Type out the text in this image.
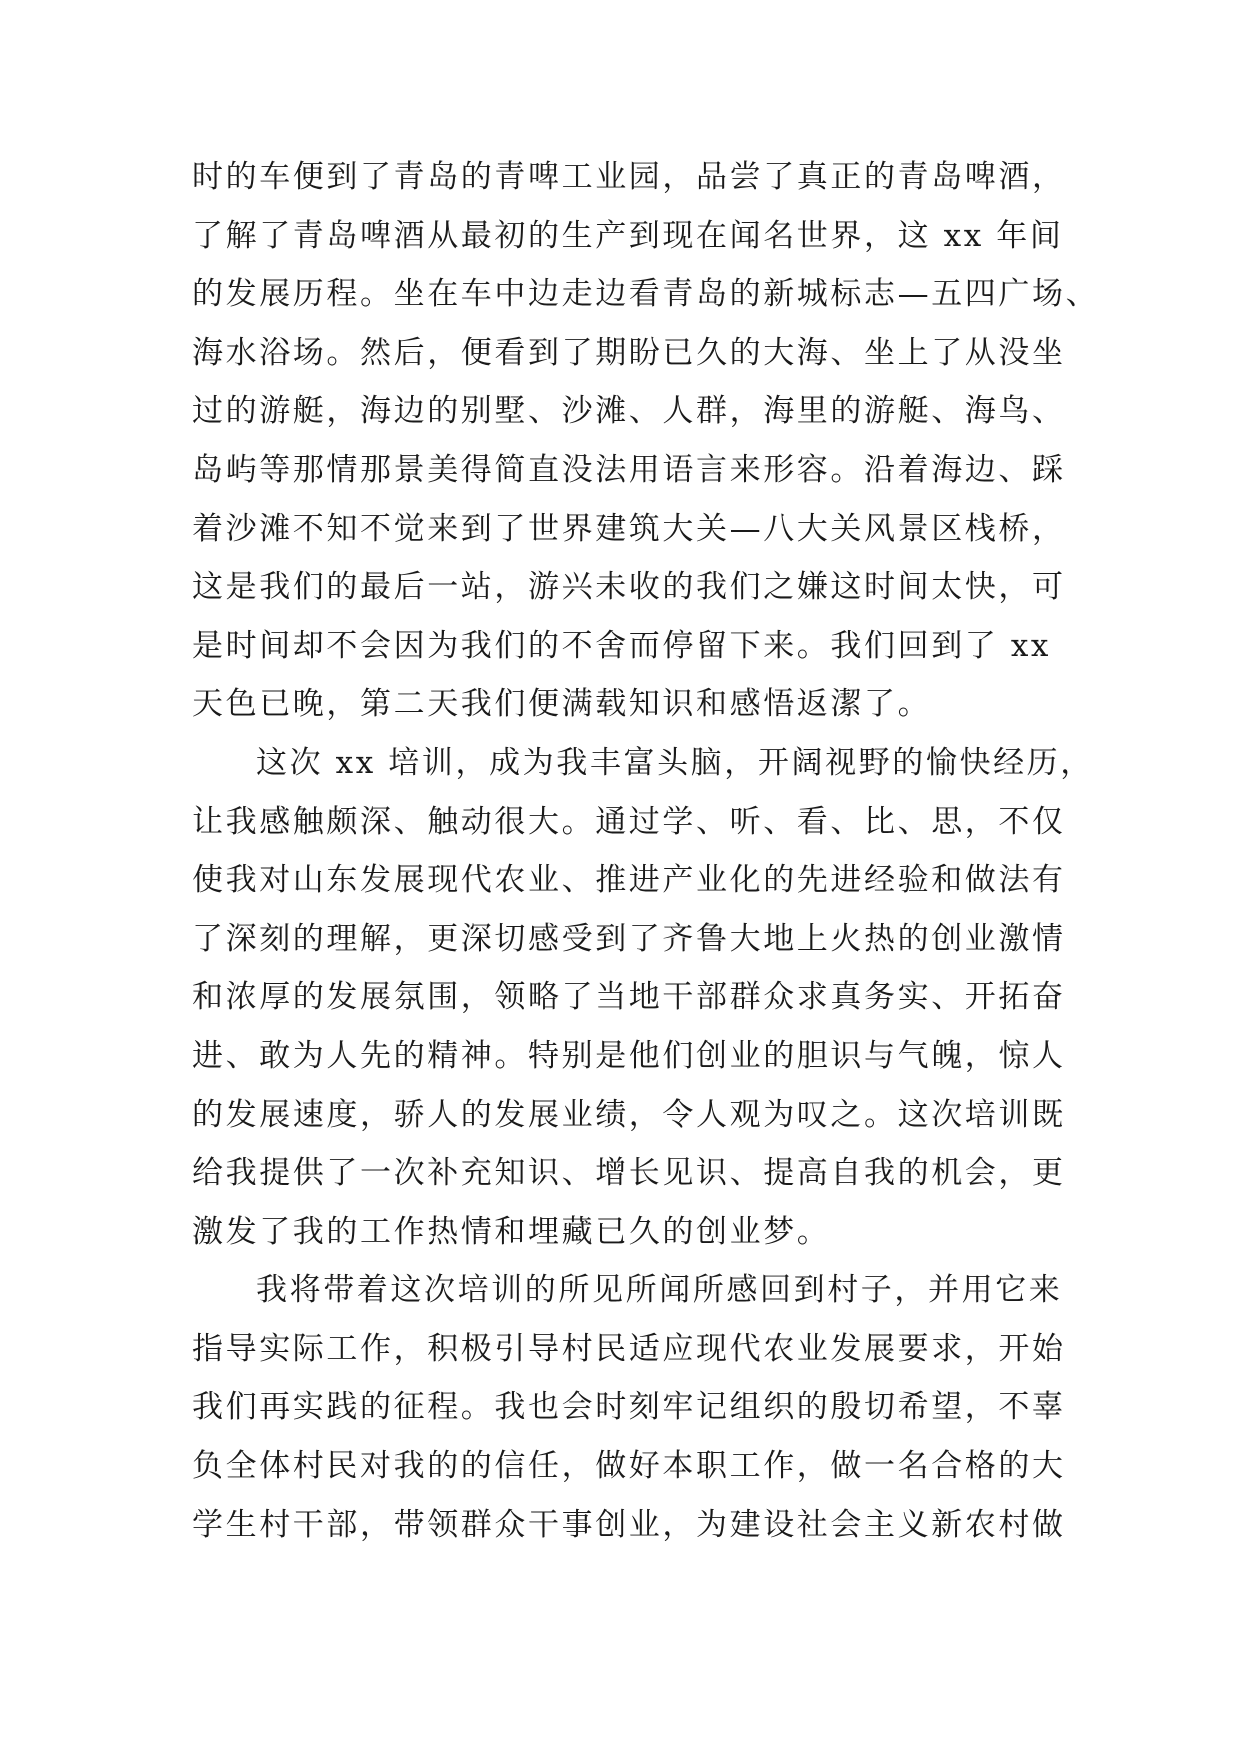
时的车便到了青岛的青啤工业园，品尝了真正的青岛啤酒，
了解了青岛啤酒从最初的生产到现在闻名世界，这 xx 年间
的发展历程。坐在车中边走边看青岛的新城标志—五四广场、
海水浴场。然后，便看到了期盼已久的大海、坐上了从没坐
过的游艇，海边的别墅、沙滩、人群，海里的游艇、海鸟、
岛屿等那情那景美得简直没法用语言来形容。沿着海边、踩
着沙滩不知不觉来到了世界建筑大关—八大关风景区栈桥，
这是我们的最后一站，游兴未收的我们之嫌这时间太快，可
是时间却不会因为我们的不舍而停留下来。我们回到了 xx
天色已晚，第二天我们便满载知识和感悟返潔了。
这次 xx 培训，成为我丰富头脑，开阔视野的愉快经历，
让我感触颇深、触动很大。通过学、听、看、比、思，不仅
使我对山东发展现代农业、推进产业化的先进经验和做法有
了深刻的理解，更深切感受到了齐鲁大地上火热的创业激情
和浓厚的发展氛围，领略了当地干部群众求真务实、开拓奋
进、敢为人先的精神。特别是他们创业的胆识与气魄，惊人
的发展速度，骄人的发展业绩，令人观为叹之。这次培训既
给我提供了一次补充知识、增长见识、提高自我的机会，更
激发了我的工作热情和埋藏已久的创业梦。
我将带着这次培训的所见所闻所感回到村子，并用它来
指导实际工作，积极引导村民适应现代农业发展要求，开始
我们再实践的征程。我也会时刻牢记组织的殷切希望，不辜
负全体村民对我的的信任，做好本职工作，做一名合格的大
学生村干部，带领群众干事创业，为建设社会主义新农村做
